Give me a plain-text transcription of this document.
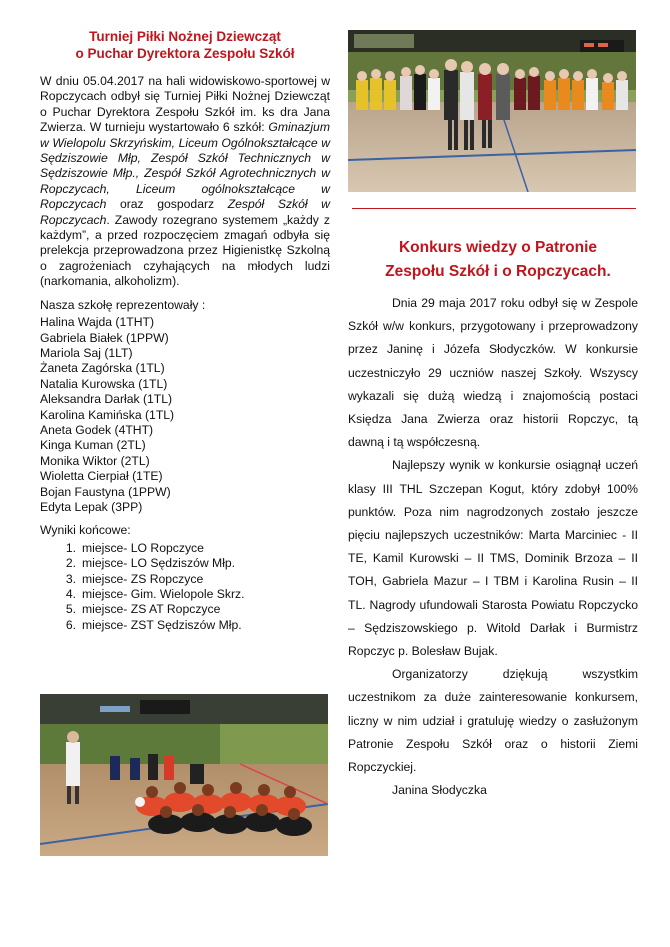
Turniej Piłki Nożnej Dziewcząt
o Puchar Dyrektora Zespołu Szkół

W dniu 05.04.2017 na hali widowiskowo-sportowej w Ropczycach odbył się Turniej Piłki Nożnej Dziewcząt o Puchar Dyrektora Zespołu Szkół im. ks dra Jana Zwierza. W turnieju wystartowało 6 szkół: Gminazjum w Wielopolu Skrzyńskim, Liceum Ogólnokształcące w Sędziszowie Młp, Zespół Szkół Technicznych w Sędziszowie Młp., Zespół Szkół Agrotechnicznych w Ropczycach, Liceum ogólnokształcące w Ropczycach oraz gospodarz Zespół Szkół w Ropczycach. Zawody rozegrano systemem „każdy z każdym”, a przed rozpoczęciem zmagań odbyła się prelekcja przeprowadzona przez Higienistkę Szkolną o zagrożeniach czyhających na młodych ludzi (narkomania, alkoholizm).

Nasza szkołę reprezentowały :
Halina Wajda (1THT)
Gabriela Białek (1PPW)
Mariola Saj (1LT)
Żaneta Zagórska (1TL)
Natalia Kurowska (1TL)
Aleksandra Darłak (1TL)
Karolina Kamińska (1TL)
Aneta Godek (4THT)
Kinga Kuman (2TL)
Monika Wiktor (2TL)
Wioletta Cierpiał (1TE)
Bojan Faustyna (1PPW)
Edyta Lepak (3PP)
Wyniki końcowe:
1. miejsce- LO Ropczyce
2. miejsce- LO Sędziszów Młp.
3. miejsce- ZS Ropczyce
4. miejsce- Gim. Wielopole Skrz.
5. miejsce- ZS AT Ropczyce
6. miejsce- ZST Sędziszów Młp.
Konkurs wiedzy o Patronie
Zespołu Szkół i o Ropczycach.

Dnia 29 maja 2017 roku odbył się w Zespole Szkół w/w konkurs, przygotowany i przeprowadzony przez Janinę i Józefa Słodyczków. W konkursie uczestniczyło 29 uczniów naszej Szkoły. Wszyscy wykazali się dużą wiedzą i znajomością postaci Księdza Jana Zwierza oraz historii Ropczyc, tą dawną i tą współczesną.

Najlepszy wynik w konkursie osiągnął uczeń klasy III THL Szczepan Kogut, który zdobył 100% punktów. Poza nim nagrodzonych zostało jeszcze pięciu najlepszych uczestników: Marta Marciniec - II TE, Kamil Kurowski – II TMS, Dominik Brzoza – II TOH, Gabriela Mazur – I TBM i Karolina Rusin – II TL. Nagrody ufundowali Starosta Powiatu Ropczycko – Sędziszowskiego p. Witold Darłak i Burmistrz Ropczyc p. Bolesław Bujak.

Organizatorzy dziękują wszystkim uczestnikom za duże zainteresowanie konkursem, liczny w nim udział i gratuluję wiedzy o zasłużonym Patronie Zespołu Szkół oraz o historii Ziemi Ropczyckiej.

Janina Słodyczka
